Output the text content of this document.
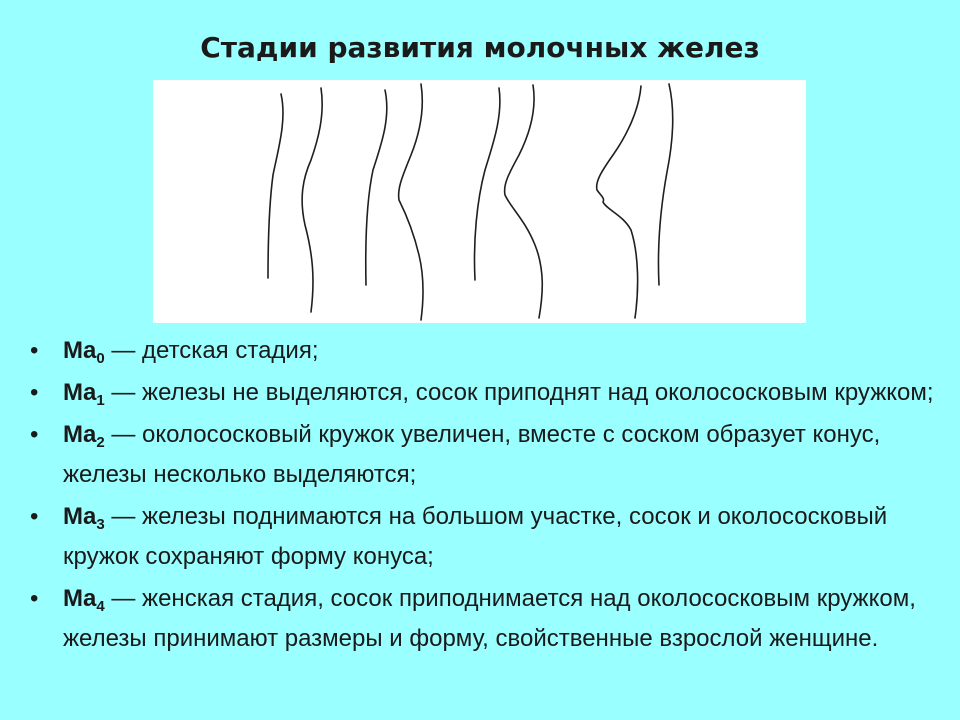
Стадии развития молочных желез
• $Ma_0$ — детская стадия;
• $Ma_1$ — железы не выделяются, сосок приподнят над околососковым кружком;
• $Ma_2$ — околососковый кружок увеличен, вместе с соском образует конус, железы несколько выделяются;
• $Ma_3$ — железы поднимаются на большом участке, сосок и околососковый кружок сохраняют форму конуса;
• $Ma_4$ — женская стадия, сосок приподнимается над околососковым кружком, железы принимают размеры и форму, свойственные взрослой женщине.
